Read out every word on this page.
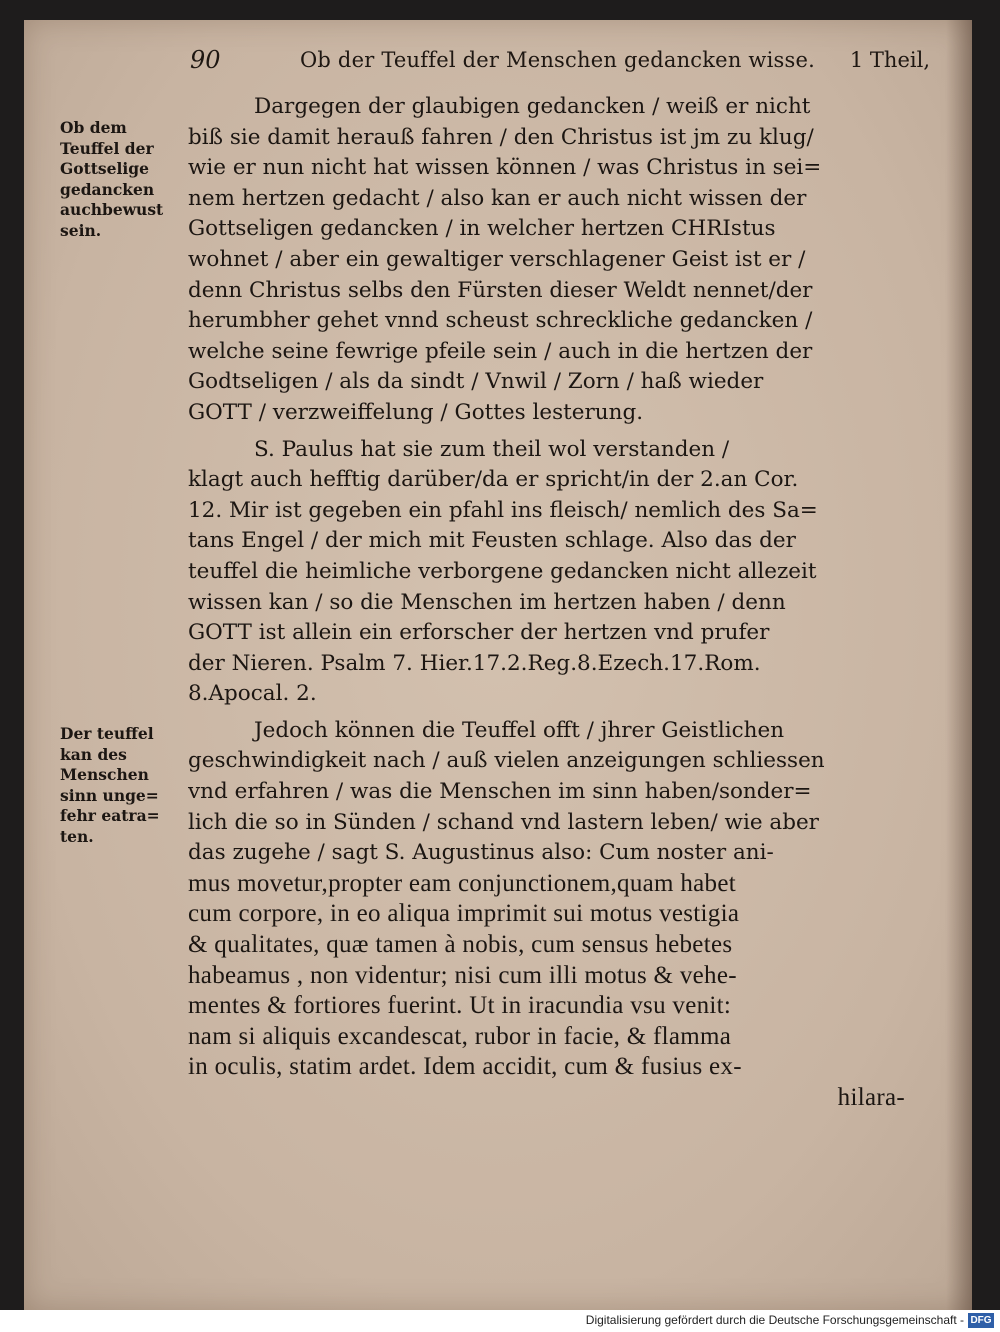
90	Ob der Teuffel der Menschen gedancken wisse. 1 Theil,
Ob dem
Teuffel der
Gottselige
gedancken
auchbewust
sein.
Der teuffel
kan des
Menschen
sinn unge=
fehr eatra=
ten.
Dargegen der glaubigen gedancken / weiß er nicht
biß sie damit herauß fahren / den Christus ist jm zu klug/
wie er nun nicht hat wissen können / was Christus in sei=
nem hertzen gedacht / also kan er auch nicht wissen der
Gottseligen gedancken / in welcher hertzen CHRIstus
wohnet / aber ein gewaltiger verschlagener Geist ist er /
denn Christus selbs den Fürsten dieser Weldt nennet/der
herumbher gehet vnnd scheust schreckliche gedancken /
welche seine fewrige pfeile sein / auch in die hertzen der
Godtseligen / als da sindt / Vnwil / Zorn / haß wieder
GOTT / verzweiffelung / Gottes lesterung.
S. Paulus hat sie zum theil wol verstanden /
klagt auch hefftig darüber/da er spricht/in der 2.an Cor.
12. Mir ist gegeben ein pfahl ins fleisch/ nemlich des Sa=
tans Engel / der mich mit Feusten schlage. Also das der
teuffel die heimliche verborgene gedancken nicht allezeit
wissen kan / so die Menschen im hertzen haben / denn
GOTT ist allein ein erforscher der hertzen vnd prufer
der Nieren. Psalm 7. Hier.17.2.Reg.8.Ezech.17.Rom.
8.Apocal. 2.
Jedoch können die Teuffel offt / jhrer Geistlichen
geschwindigkeit nach / auß vielen anzeigungen schliessen
vnd erfahren / was die Menschen im sinn haben/sonder=
lich die so in Sünden / schand vnd lastern leben/ wie aber
das zugehe / sagt S. Augustinus also: Cum noster ani-
mus movetur,propter eam conjunctionem,quam habet
cum corpore, in eo aliqua imprimit sui motus vestigia
& qualitates, quæ tamen à nobis, cum sensus hebetes
habeamus , non videntur; nisi cum illi motus & vehe-
mentes & fortiores fuerint. Ut in iracundia vsu venit:
nam si aliquis excandescat, rubor in facie, & flamma
in oculis, statim ardet. Idem accidit, cum & fusius ex-
hilara-
Digitalisierung gefördert durch die Deutsche Forschungsgemeinschaft - DFG
